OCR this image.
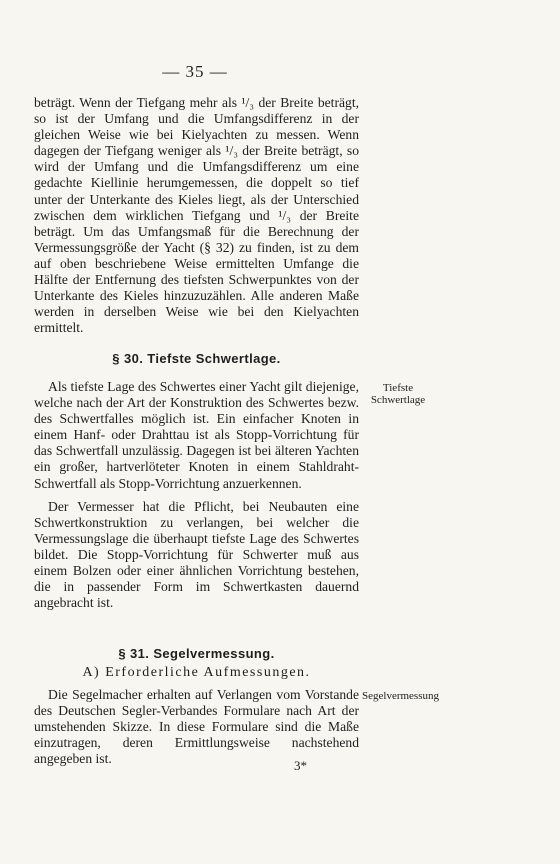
— 35 —

beträgt. Wenn der Tiefgang mehr als ¹/₃ der Breite beträgt, so ist der Umfang und die Umfangsdifferenz in der gleichen Weise wie bei Kielyachten zu messen. Wenn dagegen der Tiefgang weniger als ¹/₃ der Breite beträgt, so wird der Umfang und die Umfangsdifferenz um eine gedachte Kiellinie herumgemessen, die doppelt so tief unter der Unterkante des Kieles liegt, als der Unterschied zwischen dem wirklichen Tiefgang und ¹/₃ der Breite beträgt. Um das Umfangsmaß für die Berechnung der Vermessungsgröße der Yacht (§ 32) zu finden, ist zu dem auf oben beschriebene Weise ermittelten Umfange die Hälfte der Entfernung des tiefsten Schwerpunktes von der Unterkante des Kieles hinzuzuzählen. Alle anderen Maße werden in derselben Weise wie bei den Kielyachten ermittelt.

§ 30. Tiefste Schwertlage.
Tiefste Schwertlage

Als tiefste Lage des Schwertes einer Yacht gilt diejenige, welche nach der Art der Konstruktion des Schwertes bezw. des Schwertfalles möglich ist. Ein einfacher Knoten in einem Hanf- oder Drahttau ist als Stopp-Vorrichtung für das Schwertfall unzulässig. Dagegen ist bei älteren Yachten ein großer, hartverlöteter Knoten in einem Stahldraht-Schwertfall als Stopp-Vorrichtung anzuerkennen.

Der Vermesser hat die Pflicht, bei Neubauten eine Schwertkonstruktion zu verlangen, bei welcher die Vermessungslage die überhaupt tiefste Lage des Schwertes bildet. Die Stopp-Vorrichtung für Schwerter muß aus einem Bolzen oder einer ähnlichen Vorrichtung bestehen, die in passender Form im Schwertkasten dauernd angebracht ist.

§ 31. Segelvermessung.
A) Erforderliche Aufmessungen.
Segelvermessung

Die Segelmacher erhalten auf Verlangen vom Vorstande des Deutschen Segler-Verbandes Formulare nach Art der umstehenden Skizze. In diese Formulare sind die Maße einzutragen, deren Ermittlungsweise nachstehend angegeben ist.	3*
